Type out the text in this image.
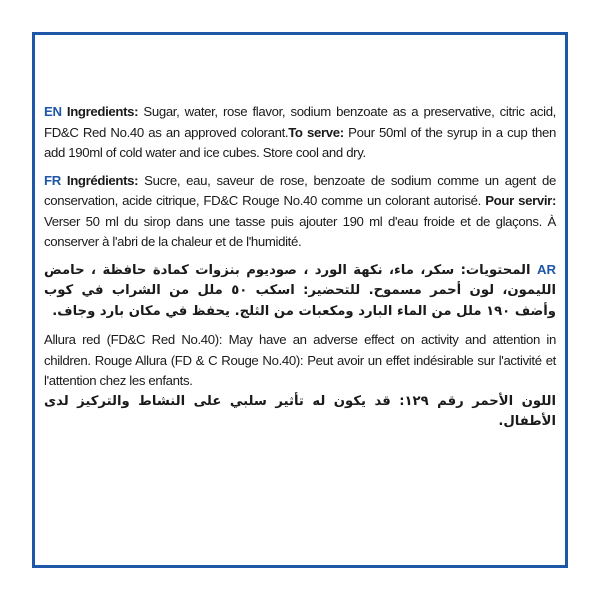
EN Ingredients: Sugar, water, rose flavor, sodium benzoate as a preservative, citric acid, FD&C Red No.40 as an approved colorant.To serve: Pour 50ml of the syrup in a cup then add 190ml of cold water and ice cubes. Store cool and dry.

FR Ingrédients: Sucre, eau, saveur de rose, benzoate de sodium comme un agent de conservation, acide citrique, FD&C Rouge No.40 comme un colorant autorisé. Pour servir: Verser 50 ml du sirop dans une tasse puis ajouter 190 ml d'eau froide et de glaçons. À conserver à l'abri de la chaleur et de l'humidité.

AR المحتويات: سكر، ماء، نكهة الورد ، صوديوم بنزوات كمادة حافظة ، حامض الليمون، لون أحمر مسموح. للتحضير: اسكب ٥٠ ملل من الشراب في كوب وأضف ١٩٠ ملل من الماء البارد ومكعبات من الثلج. يحفظ في مكان بارد وجاف.

Allura red (FD&C Red No.40): May have an adverse effect on activity and attention in children. Rouge Allura (FD & C Rouge No.40): Peut avoir un effet indésirable sur l'activité et l'attention chez les enfants.

اللون الأحمر رقم ١٢٩: قد يكون له تأثير سلبي على النشاط والتركيز لدى الأطفال.
